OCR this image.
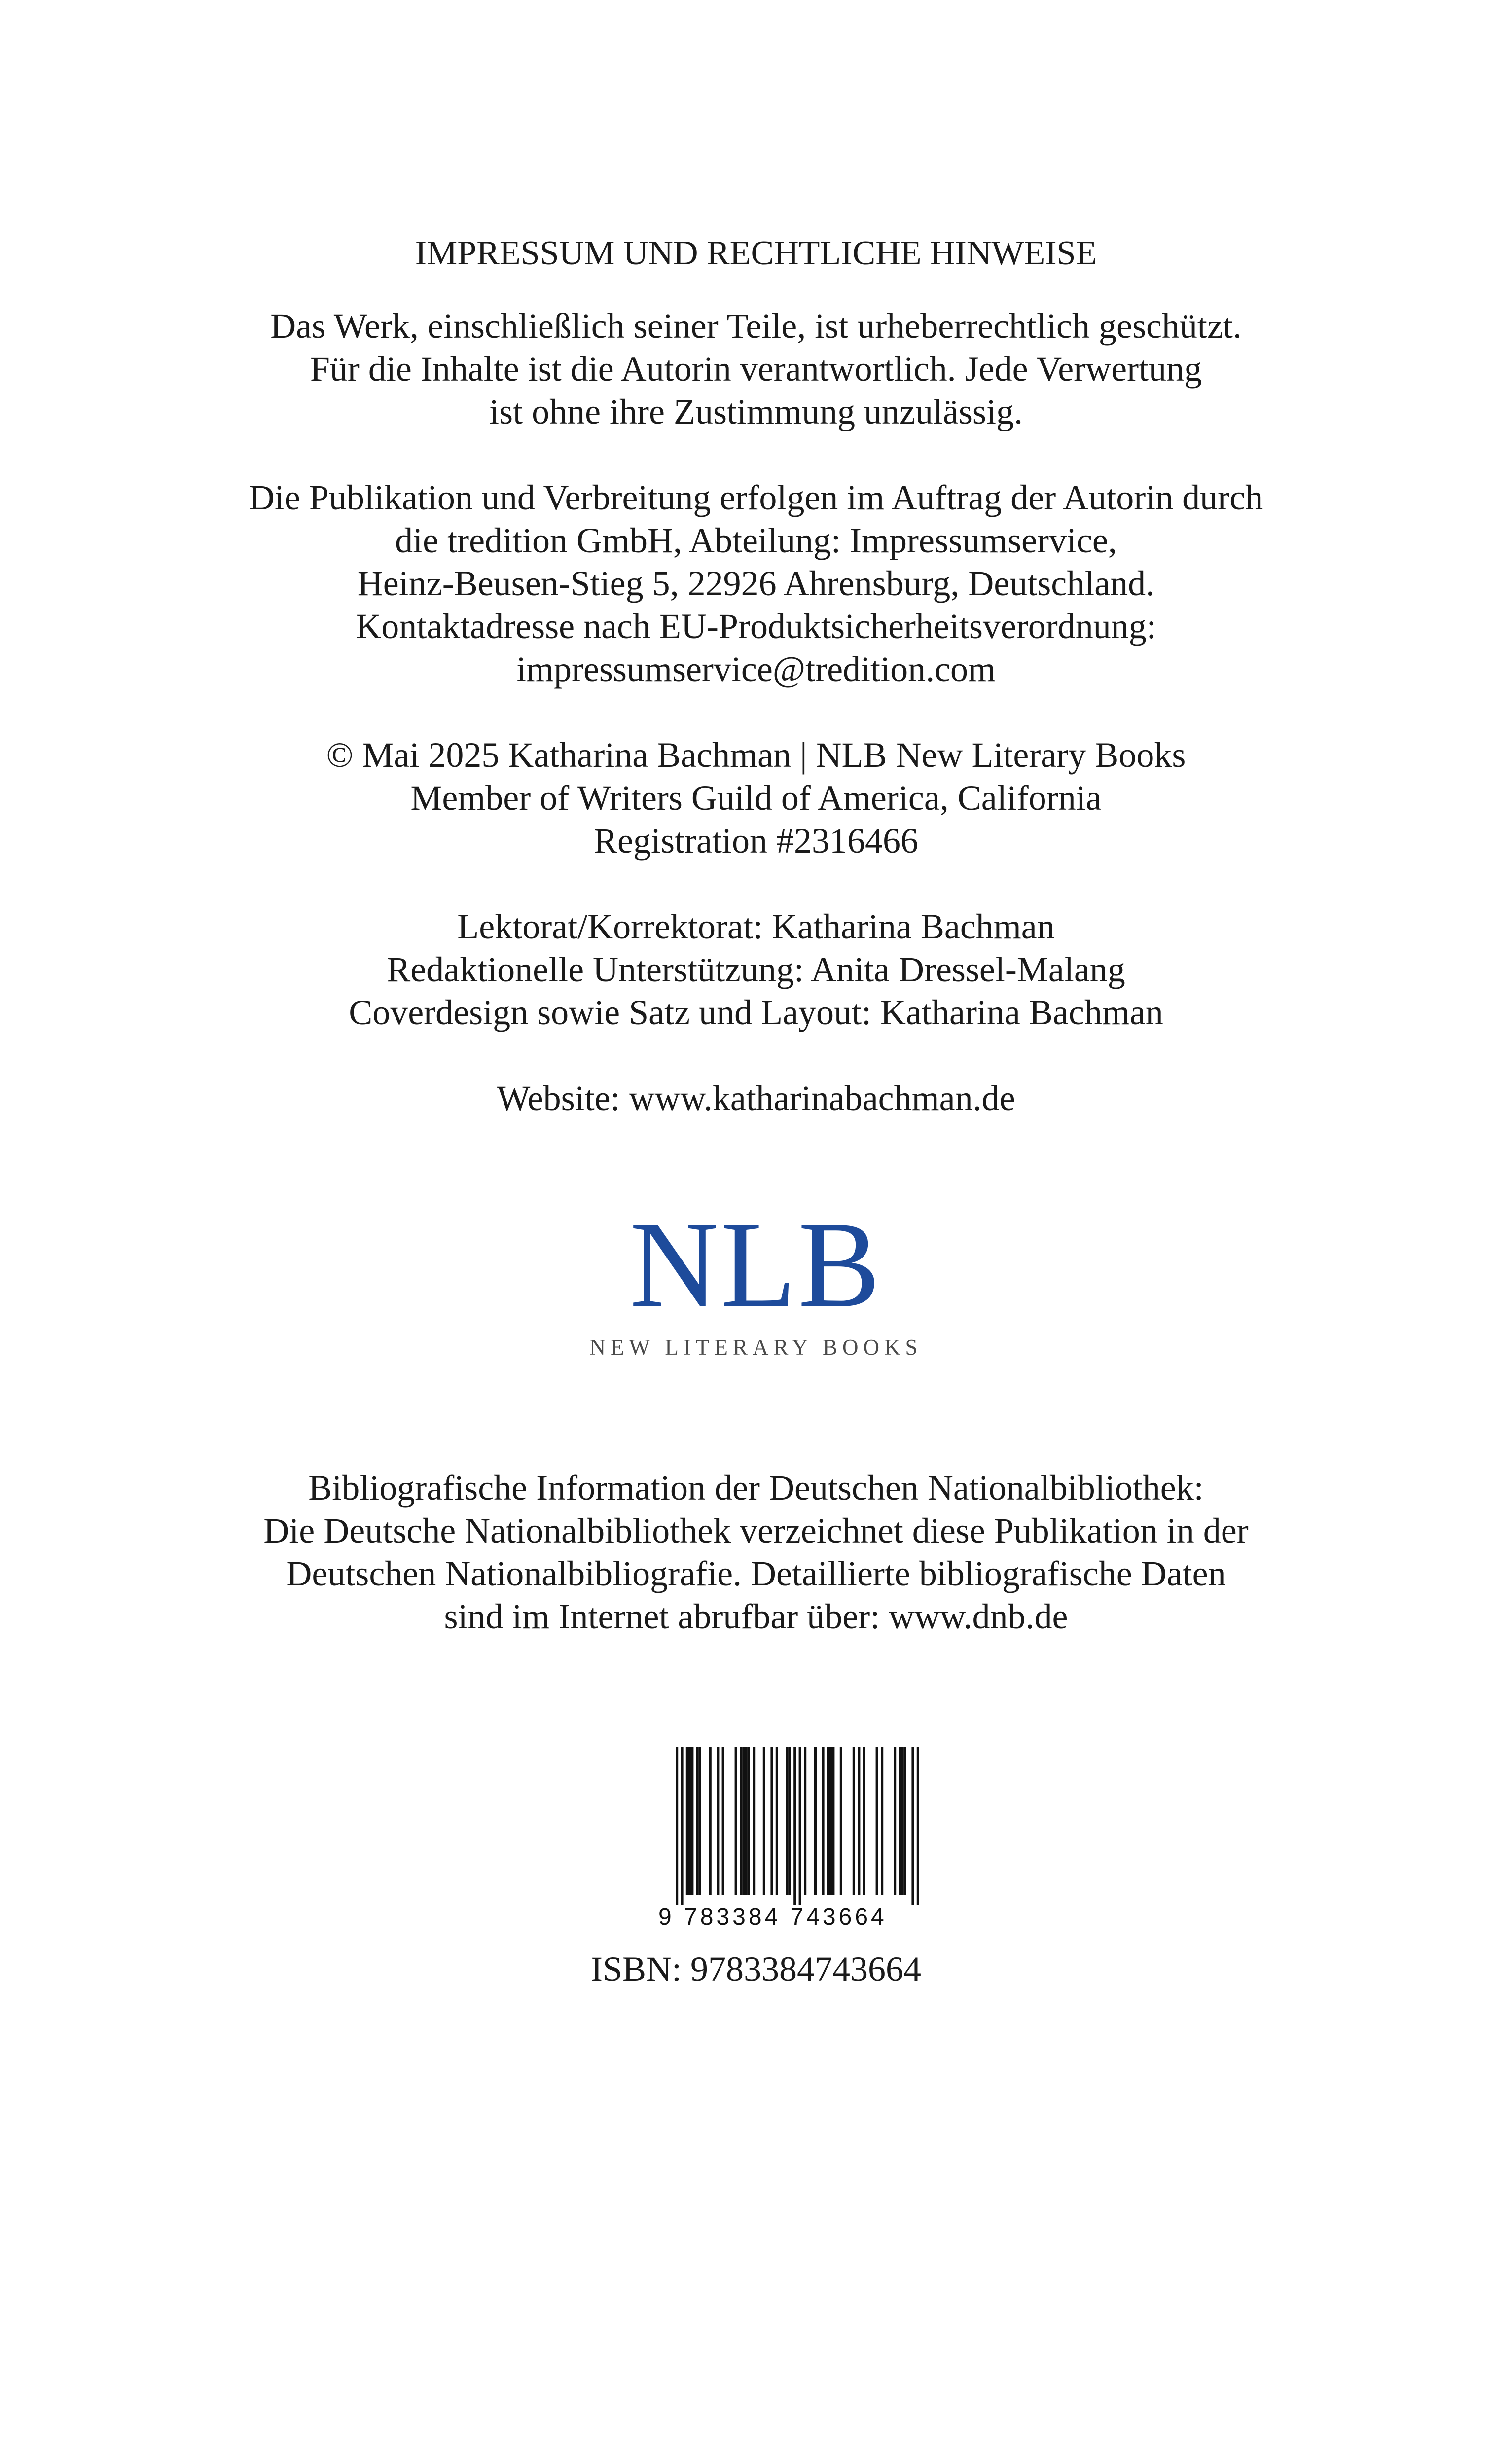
IMPRESSUM UND RECHTLICHE HINWEISE
Das Werk, einschließlich seiner Teile, ist urheberrechtlich geschützt.
Für die Inhalte ist die Autorin verantwortlich. Jede Verwertung
ist ohne ihre Zustimmung unzulässig.
Die Publikation und Verbreitung erfolgen im Auftrag der Autorin durch
die tredition GmbH, Abteilung: Impressumservice,
Heinz-Beusen-Stieg 5, 22926 Ahrensburg, Deutschland.
Kontaktadresse nach EU-Produktsicherheitsverordnung:
impressumservice@tredition.com
© Mai 2025 Katharina Bachman | NLB New Literary Books
Member of Writers Guild of America, California
Registration #2316466
Lektorat/Korrektorat: Katharina Bachman
Redaktionelle Unterstützung: Anita Dressel-Malang
Coverdesign sowie Satz und Layout: Katharina Bachman
Website: www.katharinabachman.de
NLB
NEW LITERARY BOOKS
Bibliografische Information der Deutschen Nationalbibliothek:
Die Deutsche Nationalbibliothek verzeichnet diese Publikation in der
Deutschen Nationalbibliografie. Detaillierte bibliografische Daten
sind im Internet abrufbar über: www.dnb.de
9 783384 743664
ISBN: 9783384743664
